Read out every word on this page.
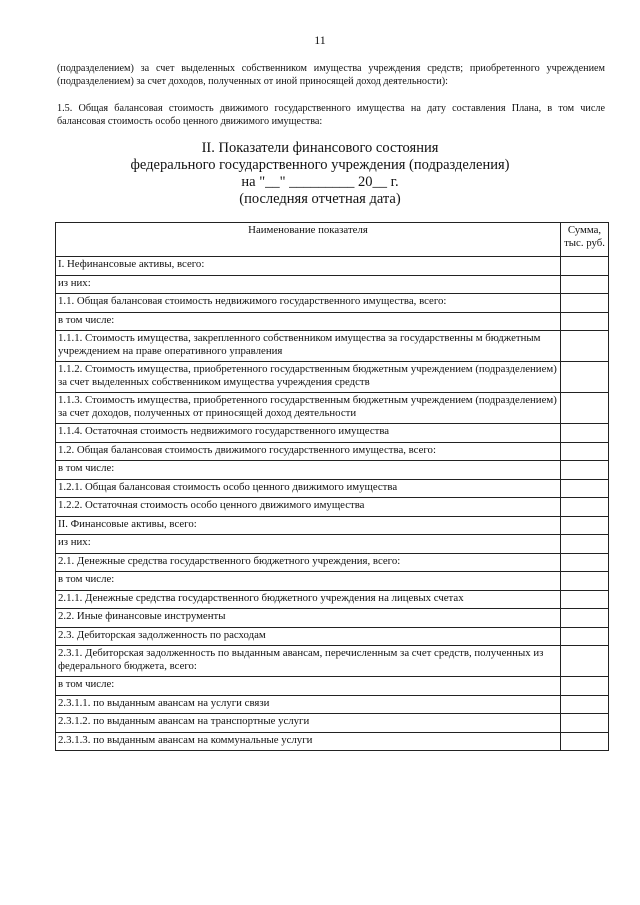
11
(подразделением) за счет выделенных собственником имущества учреждения средств; приобретенного учреждением (подразделением) за счет доходов, полученных от иной приносящей доход деятельности):
1.5. Общая балансовая стоимость движимого государственного имущества на дату составления Плана, в том числе балансовая стоимость особо ценного движимого имущества:
II. Показатели финансового состояния
федерального государственного учреждения (подразделения)
на "__" _________ 20__ г.
(последняя отчетная дата)
Наименование показателя	Сумма,
тыс. руб.
I. Нефинансовые активы, всего:	
из них:	
1.1. Общая балансовая стоимость недвижимого государственного имущества, всего:	
в том числе:	
1.1.1. Стоимость имущества, закрепленного собственником имущества за государственны м бюджетным учреждением на праве оперативного управления	
1.1.2. Стоимость имущества, приобретенного государственным бюджетным учреждением (подразделением) за счет выделенных собственником имущества учреждения средств	
1.1.3. Стоимость имущества, приобретенного государственным бюджетным учреждением (подразделением) за счет доходов, полученных от приносящей доход деятельности	
1.1.4. Остаточная стоимость недвижимого государственного имущества	
1.2. Общая балансовая стоимость движимого государственного имущества, всего:	
в том числе:	
1.2.1. Общая балансовая стоимость особо ценного движимого имущества	
1.2.2. Остаточная стоимость особо ценного движимого имущества	
II. Финансовые активы, всего:	
из них:	
2.1. Денежные средства государственного бюджетного учреждения, всего:	
в том числе:	
2.1.1. Денежные средства государственного бюджетного учреждения на лицевых счетах	
2.2. Иные финансовые инструменты	
2.3. Дебиторская задолженность по расходам	
2.3.1. Дебиторская задолженность по выданным авансам, перечисленным за счет средств, полученных из федерального бюджета, всего:	
в том числе:	
2.3.1.1. по выданным авансам на услуги связи	
2.3.1.2. по выданным авансам на транспортные услуги	
2.3.1.3. по выданным авансам на коммунальные услуги	
